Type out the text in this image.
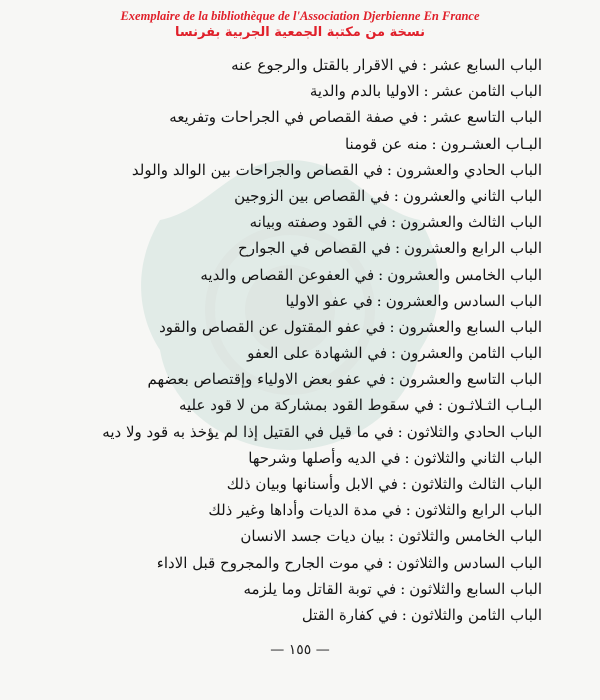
Exemplaire de la bibliothèque de l'Association Djerbienne En France
نسخة من مكتبة الجمعية الجربية بفرنسا
الباب السابع عشر:في الاقرار بالقتل والرجوع عنه
الباب الثامن عشر:الاوليا بالدم والدية
الباب التاسع عشر:في صفة القصاص في الجراحات وتفريعه
البـاب العشـرون:منه عن قومنا
الباب الحادي والعشرون:في القصاص والجراحات بين الوالد والولد
الباب الثاني والعشرون:في القصاص بين الزوجين
الباب الثالث والعشرون:في القود وصفته وبيانه
الباب الرابع والعشرون:في القصاص في الجوارح
الباب الخامس والعشرون:في العفوعن القصاص والديه
الباب السادس والعشرون:في عفو الاوليا
الباب السابع والعشرون:في عفو المقتول عن القصاص والقود
الباب الثامن والعشرون:في الشهادة على العفو
الباب التاسع والعشرون:في عفو بعض الاولياء وإقتصاص بعضهم
البـاب الثـلاثـون:في سقوط القود بمشاركة من لا قود عليه
الباب الحادي والثلاثون:في ما قيل في القتيل إذا لم يؤخذ به قود ولا ديه
الباب الثاني والثلاثون:في الديه وأصلها وشرحها
الباب الثالث والثلاثون:في الابل وأسنانها وبيان ذلك
الباب الرابع والثلاثون:في مدة الديات وأداها وغير ذلك
الباب الخامس والثلاثون:بيان ديات جسد الانسان
الباب السادس والثلاثون:في موت الجارح والمجروح قبل الاداء
الباب السابع والثلاثون:في توبة القاتل وما يلزمه
الباب الثامن والثلاثون:في كفارة القتل
— ١٥٥ —
